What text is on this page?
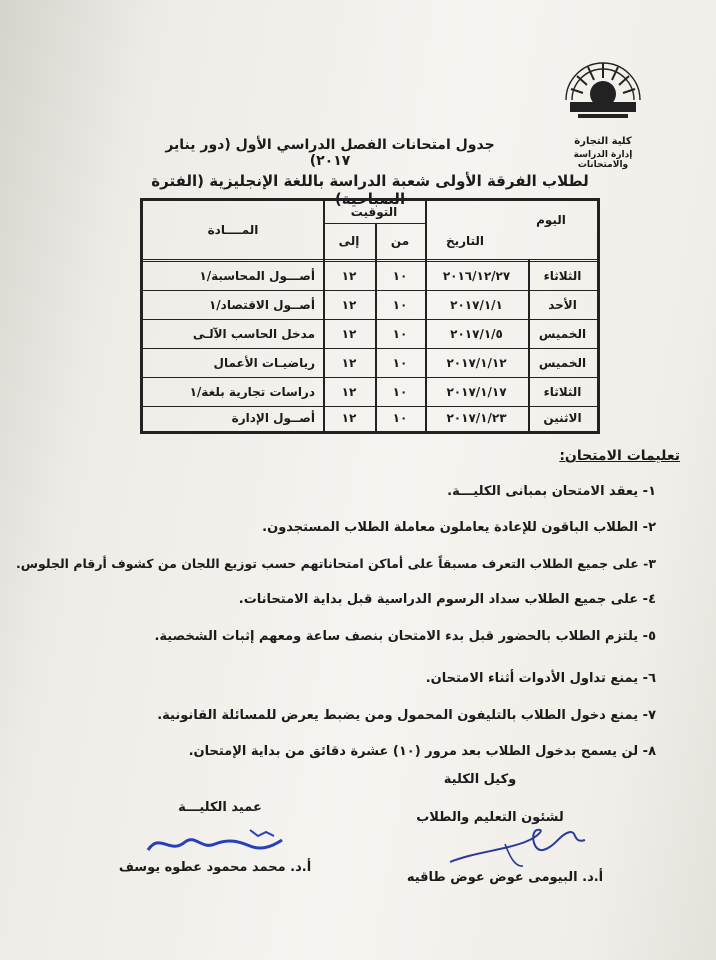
كلية التجارة
إدارة الدراسة والامتحانات
جدول امتحانات الفصل الدراسي الأول (دور يناير ٢٠١٧)
لطلاب الفرقة الأولى شعبة الدراسة باللغة الإنجليزية (الفترة الصباحية)
المــــادة
التوقيت
إلى	من	التاريخ
اليوم
الثلاثاء
٢٠١٦/١٢/٢٧
١٠
١٢
أصـــول المحاسبة/١
الأحد
٢٠١٧/١/١
١٠
١٢
أصــول الاقتصاد/١
الخميس
٢٠١٧/١/٥
١٠
١٢
مدخل الحاسب الآلـى
الخميس
٢٠١٧/١/١٢
١٠
١٢
رياضيـات الأعمال
الثلاثاء
٢٠١٧/١/١٧
١٠
١٢
دراسات تجارية بلغة/١
الاثنين
٢٠١٧/١/٢٣
١٠
١٢
أصــول الإدارة
تعليمات الامتحان:
١- يعقد الامتحان بمبانى الكليـــة.
٢- الطلاب الباقون للإعادة يعاملون معاملة الطلاب المستجدون.
٣- على جميع الطلاب التعرف مسبقاً على أماكن امتحاناتهم حسب توزيع اللجان من كشوف أرقام الجلوس.
٤- على جميع الطلاب سداد الرسوم الدراسية قبل بداية الامتحانات.
٥- يلتزم الطلاب بالحضور قبل بدء الامتحان بنصف ساعة ومعهم إثبات الشخصية.
٦- يمنع تداول الأدوات أثناء الامتحان.
٧- يمنع دخول الطلاب بالتليفون المحمول ومن يضبط يعرض للمسائلة القانونية.
٨- لن يسمح بدخول الطلاب بعد مرور (١٠) عشرة دقائق من بداية الإمتحان.
وكيل الكلية
لشئون التعليم والطلاب
عميد الكليـــة
أ.د. البيومى عوض عوض طاقيه
أ.د. محمد محمود عطوه يوسف
